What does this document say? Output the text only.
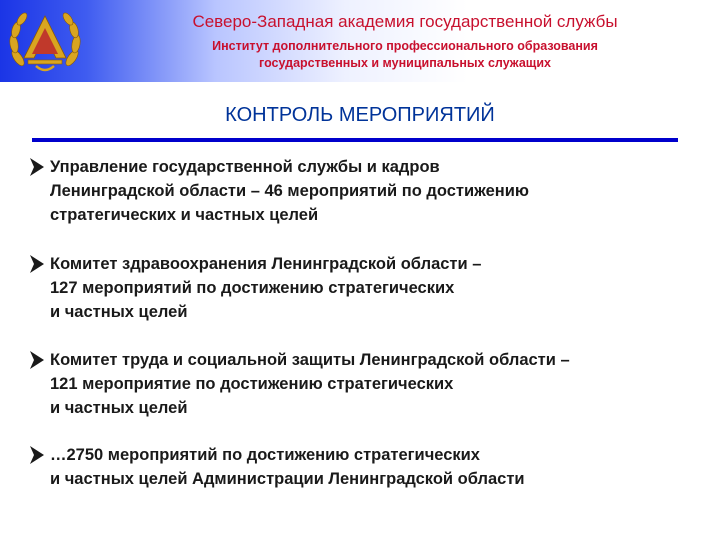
Северо-Западная академия государственной службы
Институт дополнительного профессионального образования
государственных и муниципальных служащих
КОНТРОЛЬ МЕРОПРИЯТИЙ
Управление государственной службы и кадров
Ленинградской области – 46 мероприятий по достижению
стратегических и частных целей
Комитет здравоохранения Ленинградской области –
127 мероприятий по достижению стратегических
и частных целей
Комитет труда и социальной защиты Ленинградской области –
121 мероприятие по достижению стратегических
и частных целей
…2750 мероприятий по достижению стратегических
и частных целей Администрации Ленинградской области
